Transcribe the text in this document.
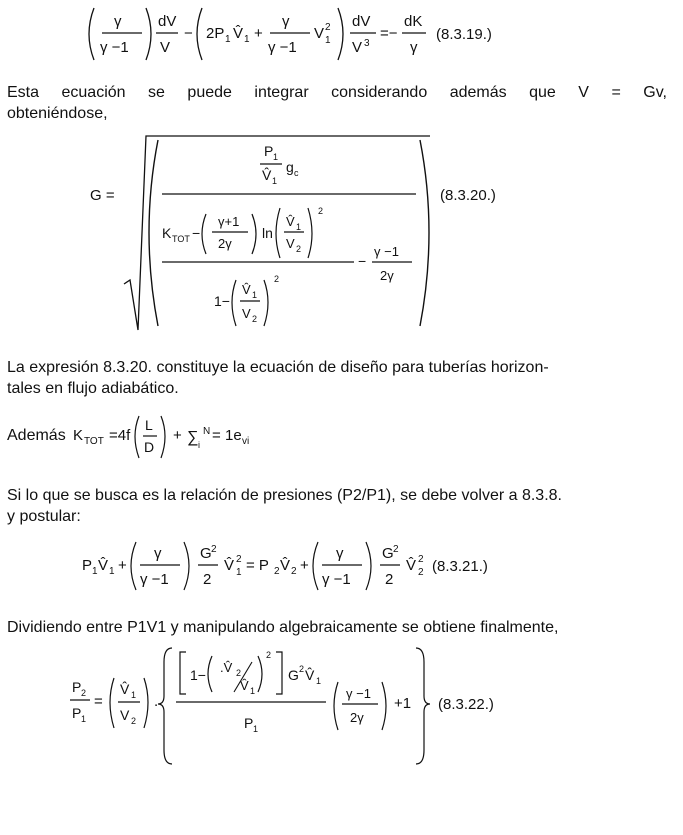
γ
γ −1
dV
V
− 2P 1 V̂ 1 +
γ
γ −1
V 2
1
dV
V 3
=−
dK
γ
(8.3.19.)
Esta ecuación se puede integrar considerando además que V = Gv,
obteniéndose,
G =
P 1
V̂ 1
g c
K TOT −
γ+1
2γ
ln
V̂ 1
V 2
2
1−
V̂ 1
V 2
2
−
γ −1
2γ
(8.3.20.)
La expresión 8.3.20. constituye la ecuación de diseño para tuberías horizon-
tales en flujo adiabático.
Además K TOT =4f
L
D
+ ∑ i
N = 1e vi
Si lo que se busca es la relación de presiones (P2/P1), se debe volver a 8.3.8.
y postular:
P 1 V̂ 1 +
γ
γ −1
G 2
2
V̂ 2
1 = P 2 V̂ 2 +
γ
γ −1
G 2
2
V̂ 2
2 (8.3.21.)
Dividiendo entre P1V1 y manipulando algebraicamente se obtiene finalmente,
P 2
P 1
=
V̂ 1
V 2
.
1− .V̂ 2
V̂ 1
2
G 2 V̂ 1
P 1
γ −1
2γ
+1 (8.3.22.)
